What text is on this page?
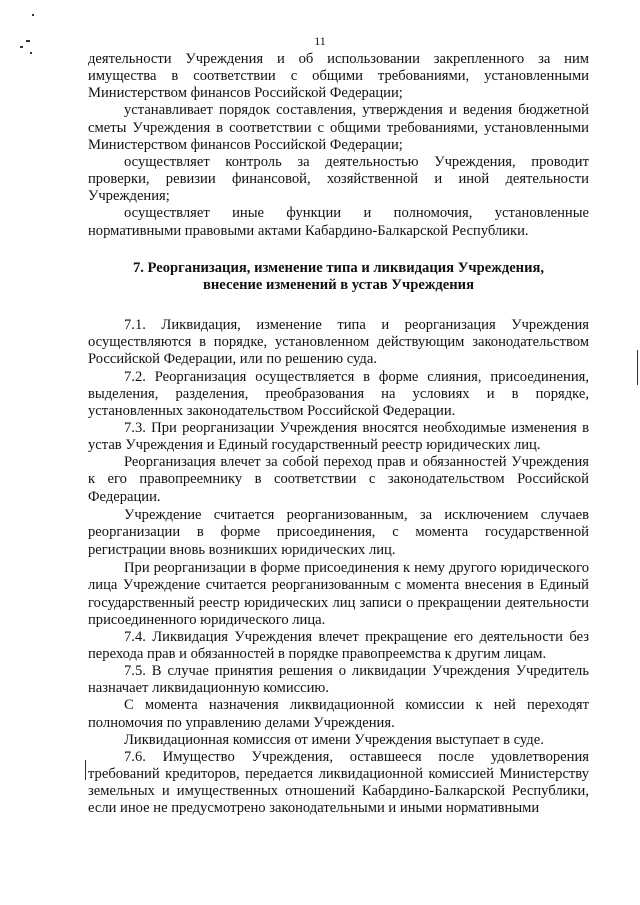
11

деятельности Учреждения и об использовании закрепленного за ним имущества в соответствии с общими требованиями, установленными Министерством финансов Российской Федерации;

устанавливает порядок составления, утверждения и ведения бюджетной сметы Учреждения в соответствии с общими требованиями, установленными Министерством финансов Российской Федерации;

осуществляет контроль за деятельностью Учреждения, проводит проверки, ревизии финансовой, хозяйственной и иной деятельности Учреждения;

осуществляет иные функции и полномочия, установленные нормативными правовыми актами Кабардино-Балкарской Республики.

7. Реорганизация, изменение типа и ликвидация Учреждения,
внесение изменений в устав Учреждения

7.1. Ликвидация, изменение типа и реорганизация Учреждения осуществляются в порядке, установленном действующим законодательством Российской Федерации, или по решению суда.

7.2. Реорганизация осуществляется в форме слияния, присоединения, выделения, разделения, преобразования на условиях и в порядке, установленных законодательством Российской Федерации.

7.3. При реорганизации Учреждения вносятся необходимые изменения в устав Учреждения и Единый государственный реестр юридических лиц.

Реорганизация влечет за собой переход прав и обязанностей Учреждения к его правопреемнику в соответствии с законодательством Российской Федерации.

Учреждение считается реорганизованным, за исключением случаев реорганизации в форме присоединения, с момента государственной регистрации вновь возникших юридических лиц.

При реорганизации в форме присоединения к нему другого юридического лица Учреждение считается реорганизованным с момента внесения в Единый государственный реестр юридических лиц записи о прекращении деятельности присоединенного юридического лица.

7.4. Ликвидация Учреждения влечет прекращение его деятельности без перехода прав и обязанностей в порядке правопреемства к другим лицам.

7.5. В случае принятия решения о ликвидации Учреждения Учредитель назначает ликвидационную комиссию.

С момента назначения ликвидационной комиссии к ней переходят полномочия по управлению делами Учреждения.

Ликвидационная комиссия от имени Учреждения выступает в суде.

7.6. Имущество Учреждения, оставшееся после удовлетворения требований кредиторов, передается ликвидационной комиссией Министерству земельных и имущественных отношений Кабардино-Балкарской Республики, если иное не предусмотрено законодательными и иными нормативными
